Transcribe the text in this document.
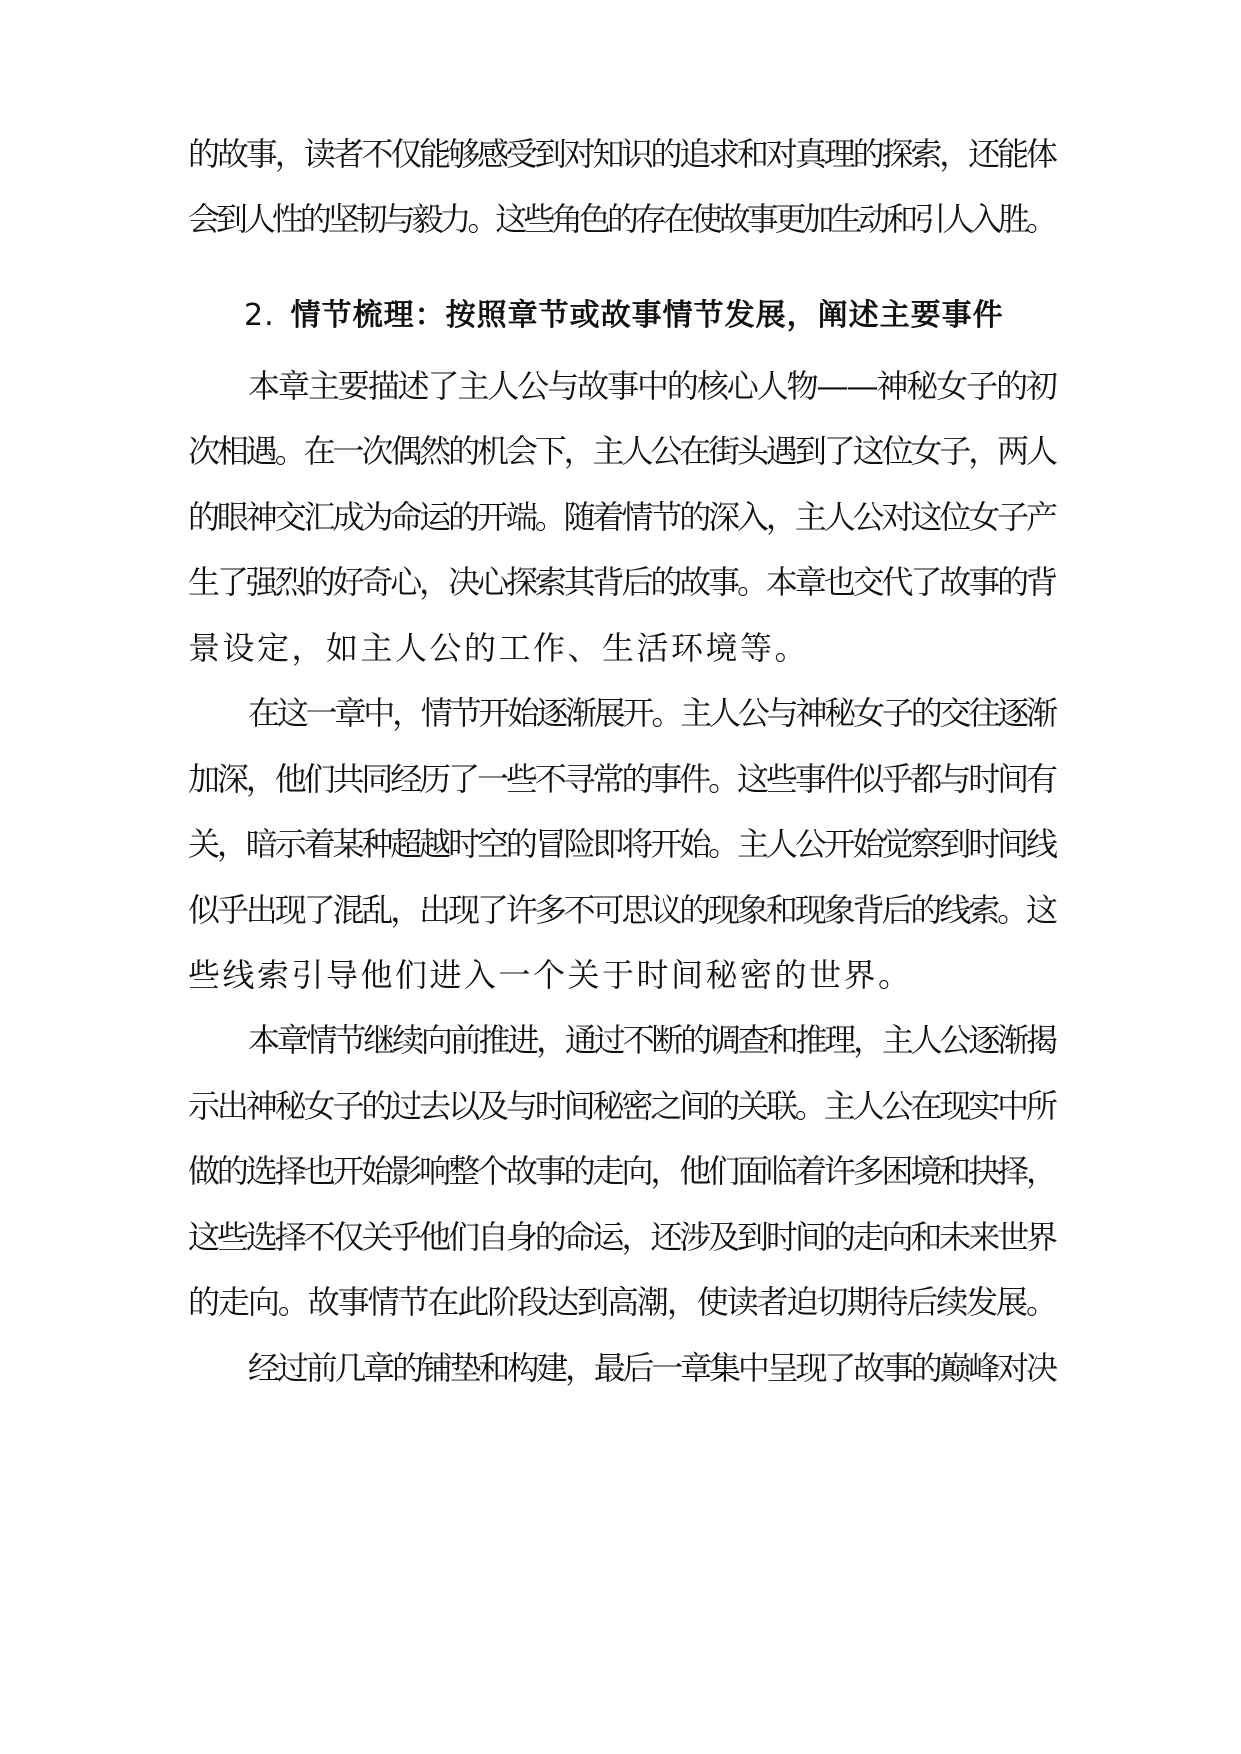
的故事，读者不仅能够感受到对知识的追求和对真理的探索，还能体
会到人性的坚韧与毅力。这些角色的存在使故事更加生动和引人入胜。
2. 情节梳理：按照章节或故事情节发展，阐述主要事件
本章主要描述了主人公与故事中的核心人物——神秘女子的初
次相遇。在一次偶然的机会下，主人公在街头遇到了这位女子，两人
的眼神交汇成为命运的开端。随着情节的深入，主人公对这位女子产
生了强烈的好奇心，决心探索其背后的故事。本章也交代了故事的背
景设定，如主人公的工作、生活环境等。
在这一章中，情节开始逐渐展开。主人公与神秘女子的交往逐渐
加深，他们共同经历了一些不寻常的事件。这些事件似乎都与时间有
关，暗示着某种超越时空的冒险即将开始。主人公开始觉察到时间线
似乎出现了混乱，出现了许多不可思议的现象和现象背后的线索。这
些线索引导他们进入一个关于时间秘密的世界。
本章情节继续向前推进，通过不断的调查和推理，主人公逐渐揭
示出神秘女子的过去以及与时间秘密之间的关联。主人公在现实中所
做的选择也开始影响整个故事的走向，他们面临着许多困境和抉择，
这些选择不仅关乎他们自身的命运，还涉及到时间的走向和未来世界
的走向。故事情节在此阶段达到高潮，使读者迫切期待后续发展。
经过前几章的铺垫和构建，最后一章集中呈现了故事的巅峰对决
